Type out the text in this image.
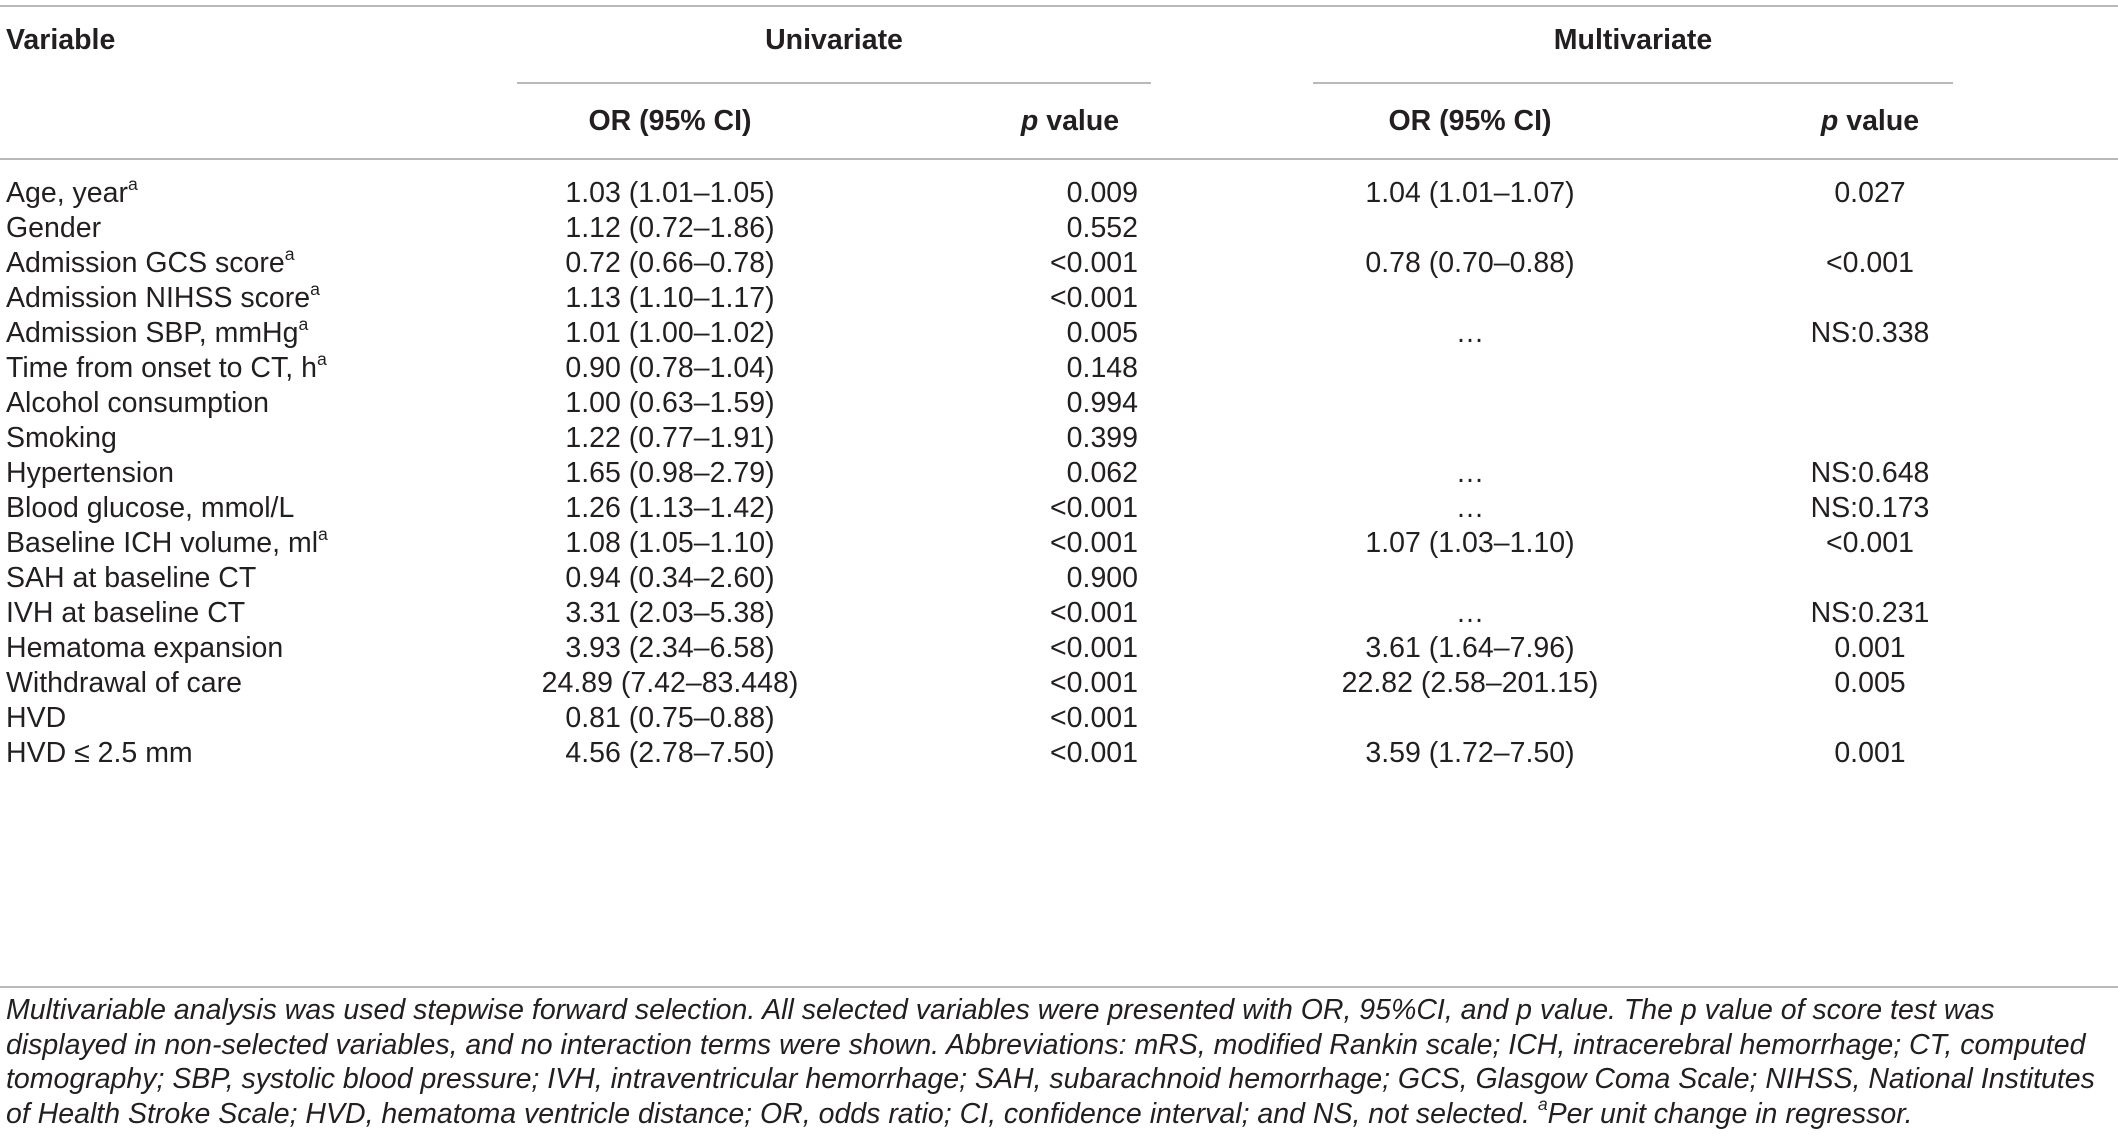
Variable	Univariate	Multivariate
OR (95% CI)	p value	OR (95% CI)	p value
Age, year$^a$	1.03 (1.01–1.05)	0.009	1.04 (1.01–1.07)	0.027
Gender	1.12 (0.72–1.86)	0.552
Admission GCS score$^a$	0.72 (0.66–0.78)	<0.001	0.78 (0.70–0.88)	<0.001
Admission NIHSS score$^a$	1.13 (1.10–1.17)	<0.001
Admission SBP, mmHg$^a$	1.01 (1.00–1.02)	0.005	…	NS:0.338
Time from onset to CT, $h^a$	0.90 (0.78–1.04)	0.148
Alcohol consumption	1.00 (0.63–1.59)	0.994
Smoking	1.22 (0.77–1.91)	0.399
Hypertension	1.65 (0.98–2.79)	0.062	…	NS:0.648
Blood glucose, mmol/L	1.26 (1.13–1.42)	<0.001	…	NS:0.173
Baseline ICH volume, $ml^a$	1.08 (1.05–1.10)	<0.001	1.07 (1.03–1.10)	<0.001
SAH at baseline CT	0.94 (0.34–2.60)	0.900
IVH at baseline CT	3.31 (2.03–5.38)	<0.001	…	NS:0.231
Hematoma expansion	3.93 (2.34–6.58)	<0.001	3.61 (1.64–7.96)	0.001
Withdrawal of care	24.89 (7.42–83.448)	<0.001	22.82 (2.58–201.15)	0.005
HVD	0.81 (0.75–0.88)	<0.001
HVD ≤ 2.5 mm	4.56 (2.78–7.50)	<0.001	3.59 (1.72–7.50)	0.001
Multivariable analysis was used stepwise forward selection. All selected variables were presented with OR, 95%CI, and p value. The p value of score test was displayed in non-selected variables, and no interaction terms were shown. Abbreviations: mRS, modified Rankin scale; ICH, intracerebral hemorrhage; CT, computed tomography; SBP, systolic blood pressure; IVH, intraventricular hemorrhage; SAH, subarachnoid hemorrhage; GCS, Glasgow Coma Scale; NIHSS, National Institutes of Health Stroke Scale; HVD, hematoma ventricle distance; OR, odds ratio; CI, confidence interval; and NS, not selected. $^a$Per unit change in regressor.
